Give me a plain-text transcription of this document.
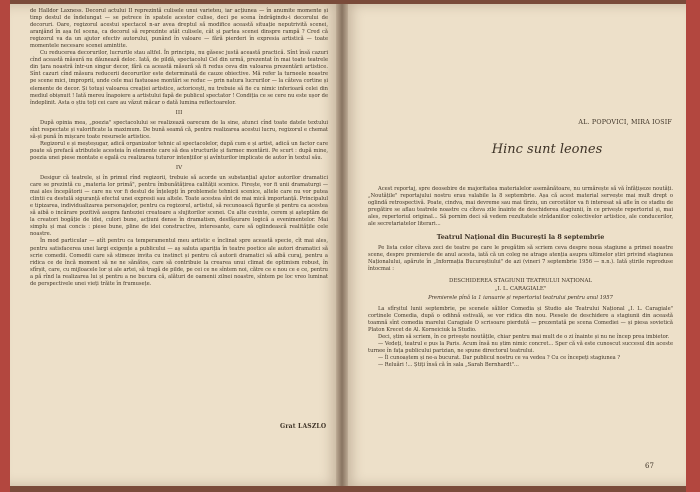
de Halldor Laxness. Decorul actului II reprezintă culisele unui varieteu, iar acțiunea — în anumite momente și timp destul de îndelungat — se petrece în spatele acestor culise, deci pe scena îndrăgindu-i decorului de decoruri. Oare, regizorul acestui spectacol n-ar avea dreptul să modifice această situație neputrivită scenei, aranjând în așa fel scena, ca decorul să reprezinte atât culisele, cât și partea scenei dinspre rampă ? Cred că regizorul va da un ajutor efectiv autorului, punând în valoare — fără pierderi în expresia artistică — toate momentele necesare scenei amintite.

Cu reducerea decorurilor, lucrurile stau altfel. În principiu, nu găsesc justă această practică. Sînt însă cazuri cînd această măsură nu dăunează deloc. Iată, de pildă, spectacolul Cel din urmă, prezentat în mai toate teatrele din țara noastră într-un singur decor, fără ca această măsură să fi redus ceva din valoarea prezentării artistice. Sînt cazuri cînd măsura reducerii decorurilor este determinată de cauze obiective. Mă refer la turneele noastre pe scene mici, improprii, unde cele mai fastuoase montări se reduc — prin natura lucrurilor — la câteva cortine și elemente de decor. Și totuși valoarea creației artistice, actoricești, nu trebuie să fie cu nimic inferioară celei din mediul obișnuit ! Iată mereu înapoiere a artistului fapă de publicul spectator ! Condiția ce se cere nu este ușor de îndeplinit. Asta o știu toți cei care au văzut măcar o dată lumina reflectoarelor.

III

După opinia mea, „poezia" spectacolului se realizează oarecum de la sine, atunci cînd toate datele textului sînt respectate și valorificate la maximum. De bună seamă că, pentru realizarea acestui lucru, regizorul e chemat să-și pună în mișcare toate resursele artistice.

Regizorul e și meșteșugar, adică organizator tehnic al spectacolelor, după cum e și artist, adică un factor care poate să prefacă atributele acesteia în elemente care să dea structurile și farmec montării. Pe scurt : după mine, poezia unei piese montate e egală cu realizarea tuturor intențiilor și avînturilor implicate de autor în textul său.

IV

Desigur că teatrele, și în primul rînd regizorii, trebuie să acorde un substanțial ajutor autorilor dramatici care se prezintă cu „materia lor primă", pentru îmbunătățirea calității scenice. Firește, vor fi unii dramaturgi — mai ales începătorii — care nu vor fi destul de înțelepți în problemele tehnicii scenice, altele care nu vor putea clintii cu destulă siguranță efectul unei expresii sau altele. Toate acestea sînt de mai mică importanță. Principalul e tipizarea, individualizarea personajelor, pentru ca regizorul, artistul, să recunoască figurile și pentru ca acestea să aibă o incărare pozitivă asupra fanteziei creatoare a slujitorilor scenei. Cu alte cuvinte, cerem și așteptăm de la creatori bogăție de idei, culori bune, acțiuni dense în dramatism, desfășurare logică a evenimentelor. Mai simplu și mai concis : piese bune, pline de idei constructive, interesante, care să oglindească realitățile cele noastre.

În mod particular — atît pentru ca temperamentul meu artistic e înclinat spre această specie, cît mai ales, pentru satisfacerea unei largi exigențe a publicului — aș saluta apariția în teatre poetice ale autori dramatici să scrie comedii. Comedii care să stimeze invita cu instinct și pentru că autorii dramatici să aibă curaj, pentru a ridica ce de încă moment să ne ne sănătos, care să contribuie la crearea unui climat de optimism robust, în sfîrșit, care, cu mijloacele lor și ale artei, să tragă de pilde, pe cei ce ne sîntem noi, către ce e nou ce e ce, pentru a pă rînd la realizarea lui și pentru a ne bucura că, alături de oamenii zilnei noastre, sîntem pe loc vreo luminat de perspectivele unei vieți trăite în frumusețe.

Grat LASZLO
AL. POPOVICI, MIRA IOSIF
Hinc sunt leones

Acest reportaj, spre deosebire de majoritatea materialelor asemănătoare, nu urmărește să vă înfățișeze noutăți. „Noutățile" reportajului nostru erau valabile la 8 septembrie. Așa că acest material servește mai mult drept o oglindă retrospectivă. Poate, cindva, mai devreme sau mai tîrziu, un cercetător va fi interesat să afle în ce stadiu de pregătire se aflau teatrele noastre cu cîteva zile înainte de deschiderea stagiunii, în ce privește repertoriul și, mai ales, repertoriul original... Să pornim deci să vedem rezultatele strădaniilor colectivelor artistice, ale conducerilor, ale secretariatelor literari...

Teatrul Național din București la 8 septembrie

Pe lista celor cîteva zeci de teatre pe care le pregătim să scriem ceva despre noua stagiune a primei noastre scene, despre premierele de anul acesta, iată că un coleg ne atrage atenția asupra ultimelor știri privind stagiunea Naționalului, apărute în „Informația Bucureștiului" de azi (vineri 7 septembrie 1956 — n.n.). Iată știrile reproduse întocmai :

DESCHIDEREA STAGIUNII TEATRULUI NAȚIONAL
„I. L. CARAGIALE"
Premierele pînă la 1 ianuarie și repertoriul teatrului pentru anul 1957

La sfîrșitul lunii septembrie, pe scenele sălilor Comedia și Studio ale Teatrului Național „I. L. Caragiale" cortinele Comedia, după o odihnă estivală, se vor ridica din nou. Piesele de deschidere a stagiunii din această toamnă sînt comedia marelui Caragiale O scrisoare pierdută — prezentată pe scena Comediei — și piesa sovietică Platon Krecet de Al. Korneiciuk la Studio.

Deci, știm să scriem, în ce privește noutățile, chiar pentru mai mult de o zi înainte și nu ne încep prea imbietor.

— Vedeți, teatrul e pus la Paris. Acum însă nu știm nimic concret... Sper că vă este cunoscut succesul din aceste turnee în fața publicului parizian, ne spune directorul teatrului.

— Îl cunoaștem și ne-a bucurat. Dar publicul nostru ce va vedea ? Cu ce începeți stagiunea ?

— Reluări !... Știți însă că în sala „Sarah Bernhardt"...

67
